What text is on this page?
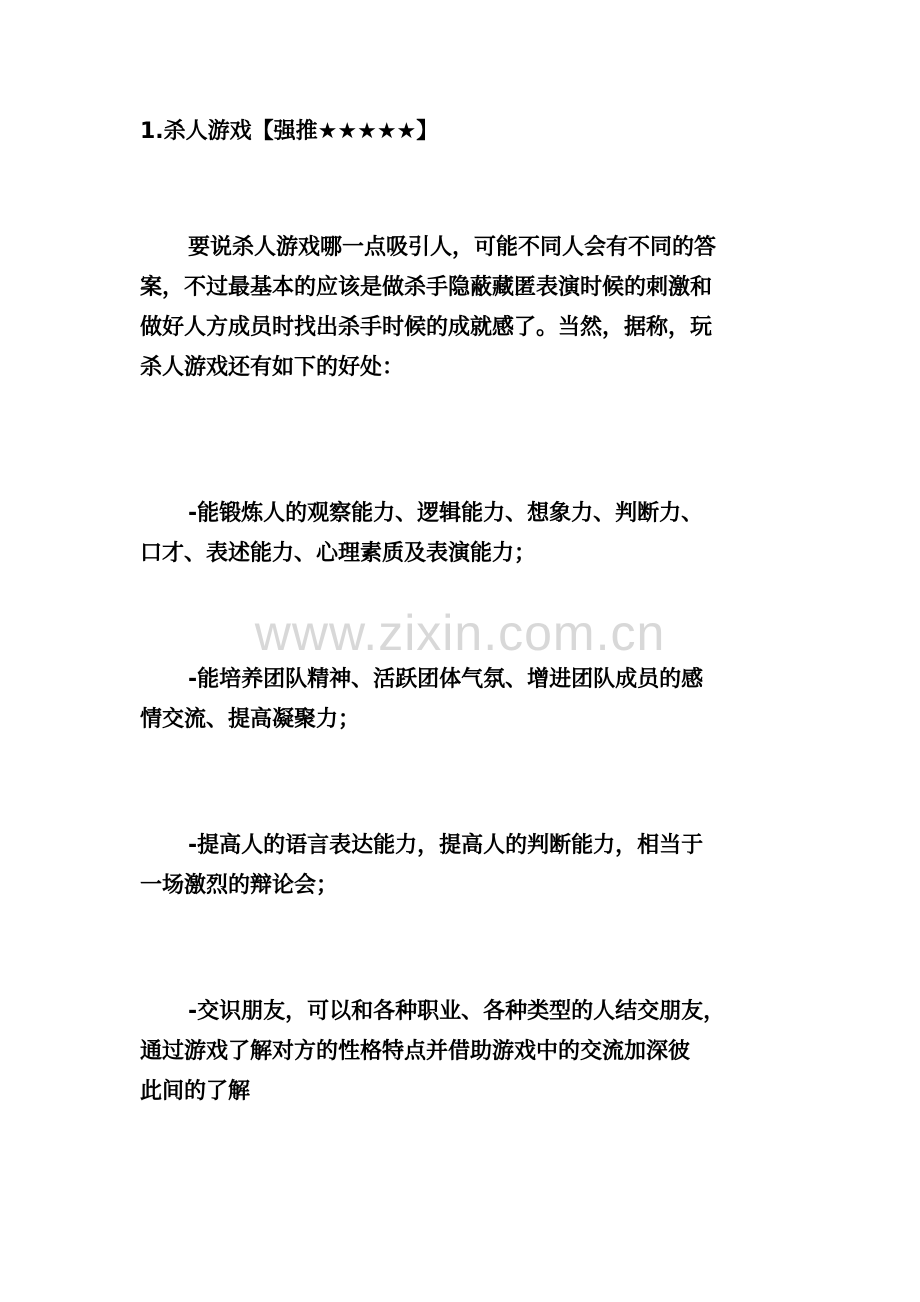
1.杀人游戏【强推★★★★★】
要说杀人游戏哪一点吸引人，可能不同人会有不同的答
案，不过最基本的应该是做杀手隐蔽藏匿表演时候的刺激和
做好人方成员时找出杀手时候的成就感了。当然，据称，玩
杀人游戏还有如下的好处：
-能锻炼人的观察能力、逻辑能力、想象力、判断力、
口才、表述能力、心理素质及表演能力；
-能培养团队精神、活跃团体气氛、增进团队成员的感
情交流、提高凝聚力；
-提高人的语言表达能力，提高人的判断能力，相当于
一场激烈的辩论会；
-交识朋友，可以和各种职业、各种类型的人结交朋友，
通过游戏了解对方的性格特点并借助游戏中的交流加深彼
此间的了解
www.zixin.com.cn
